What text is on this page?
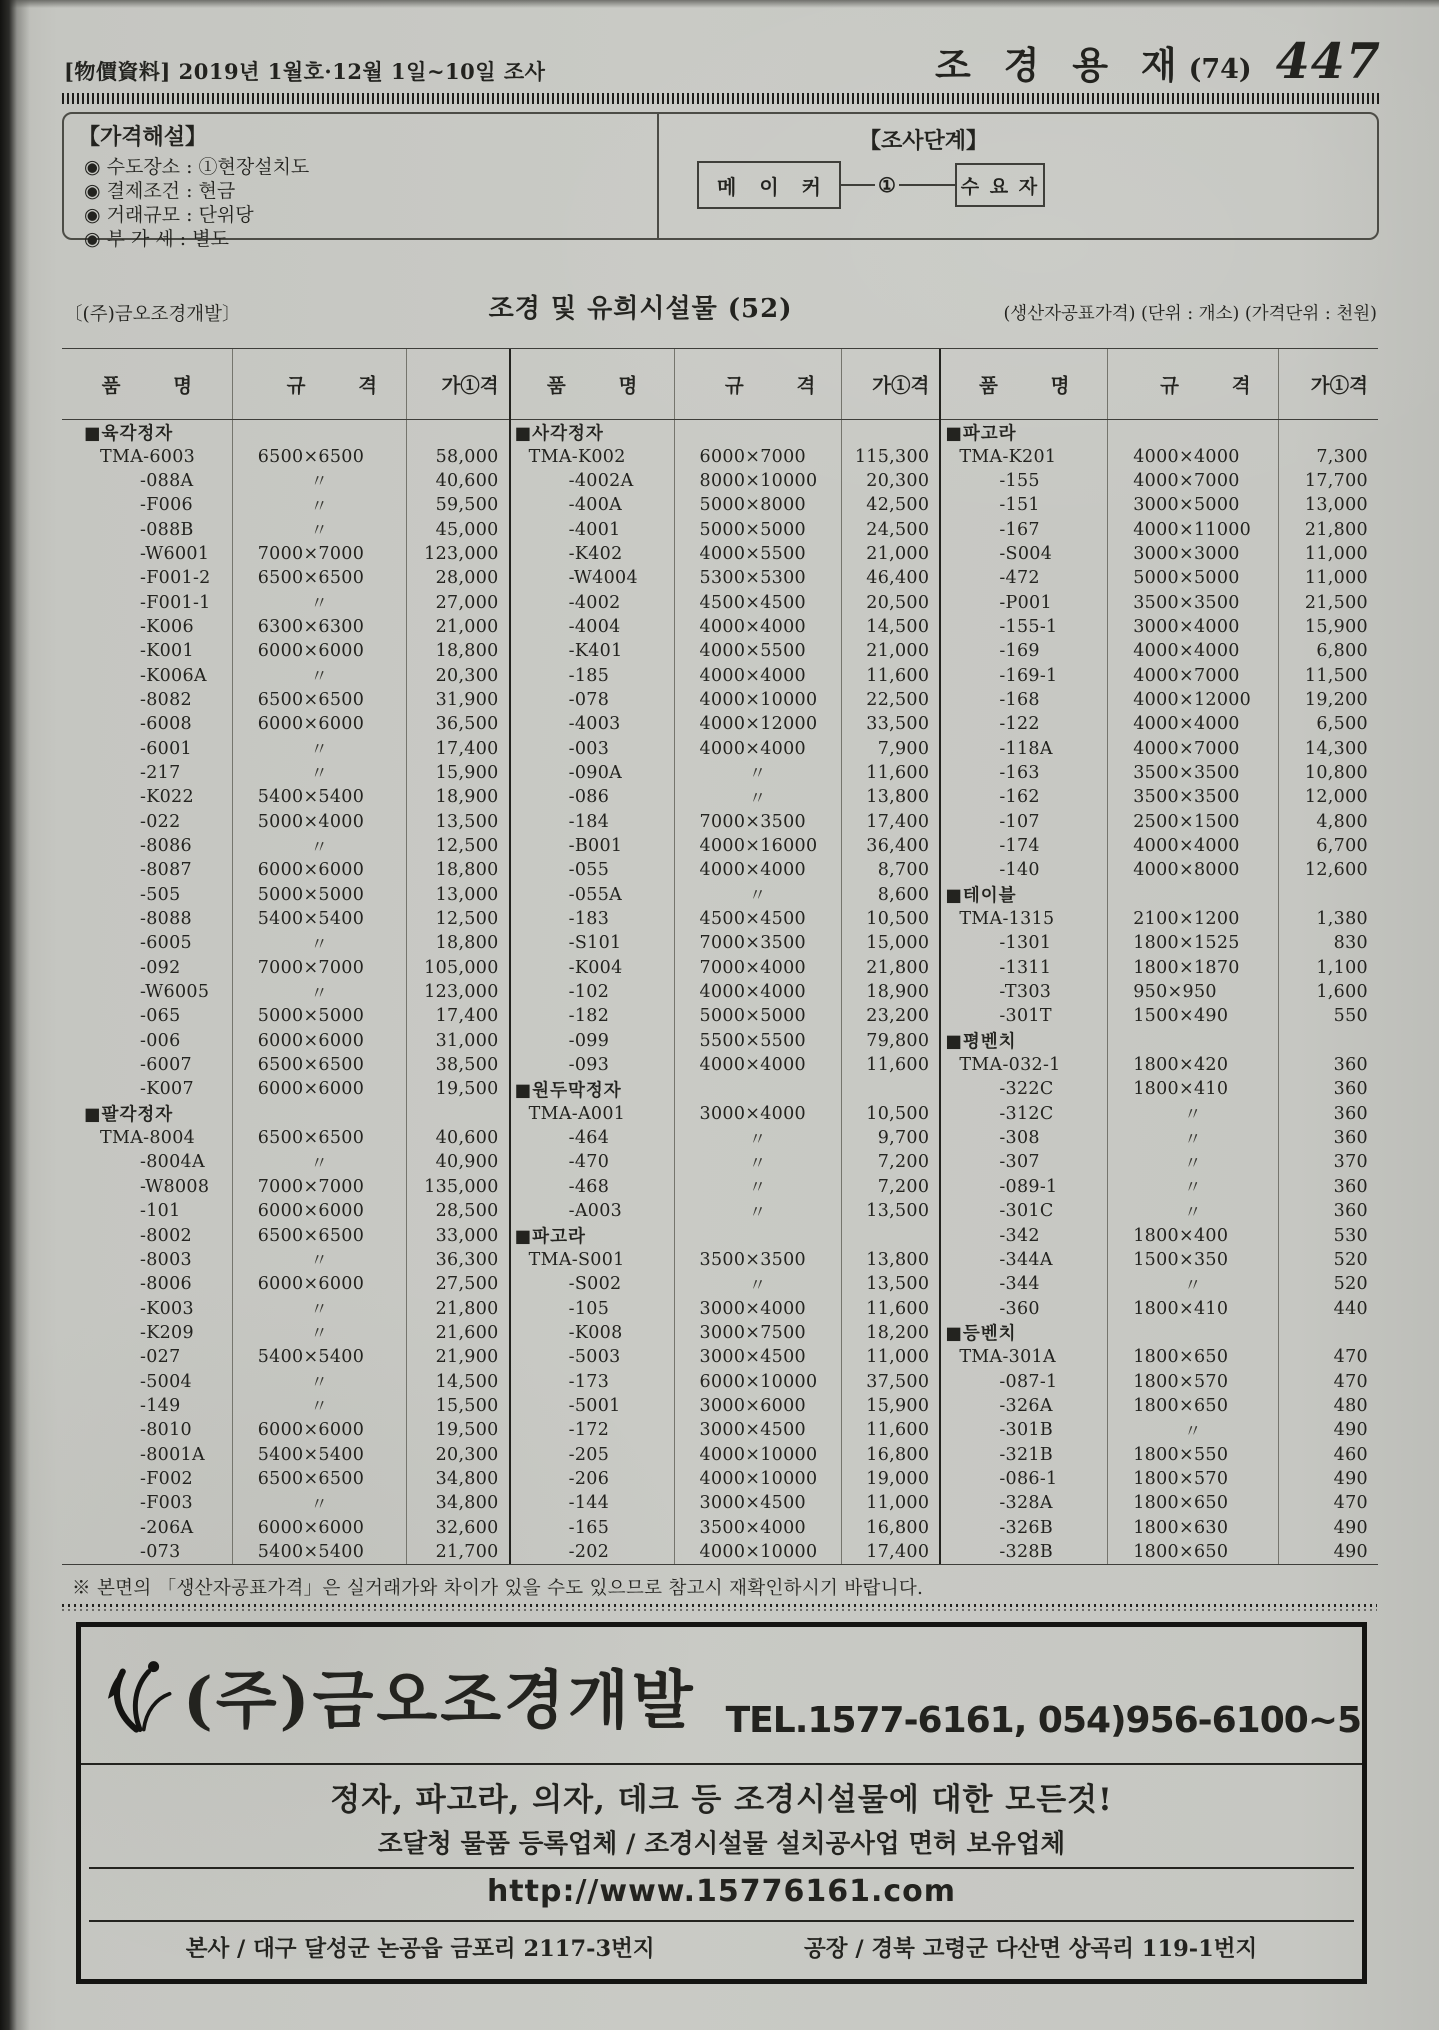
[物價資料] 2019년 1월호·12월 1일~10일 조사	조 경 용 재 (74) 447
【가격해설】
◉ 수도장소 : ①현장설치도
◉ 결제조건 : 현금
◉ 거래규모 : 단위당
◉ 부 가 세 : 별도
【조사단계】
메 이 커	①	수 요 자
〔(주)금오조경개발〕	조경 및 유희시설물 (52)	(생산자공표가격) (단위 : 개소) (가격단위 : 천원)
품 명	규 격	가①격
■육각정자
TMA-6003	6500×6500	58,000
-088A	〃	40,600
-F006	〃	59,500
-088B	〃	45,000
-W6001	7000×7000	123,000
-F001-2	6500×6500	28,000
-F001-1	〃	27,000
-K006	6300×6300	21,000
-K001	6000×6000	18,800
-K006A	〃	20,300
-8082	6500×6500	31,900
-6008	6000×6000	36,500
-6001	〃	17,400
-217	〃	15,900
-K022	5400×5400	18,900
-022	5000×4000	13,500
-8086	〃	12,500
-8087	6000×6000	18,800
-505	5000×5000	13,000
-8088	5400×5400	12,500
-6005	〃	18,800
-092	7000×7000	105,000
-W6005	〃	123,000
-065	5000×5000	17,400
-006	6000×6000	31,000
-6007	6500×6500	38,500
-K007	6000×6000	19,500
■팔각정자
TMA-8004	6500×6500	40,600
-8004A	〃	40,900
-W8008	7000×7000	135,000
-101	6000×6000	28,500
-8002	6500×6500	33,000
-8003	〃	36,300
-8006	6000×6000	27,500
-K003	〃	21,800
-K209	〃	21,600
-027	5400×5400	21,900
-5004	〃	14,500
-149	〃	15,500
-8010	6000×6000	19,500
-8001A	5400×5400	20,300
-F002	6500×6500	34,800
-F003	〃	34,800
-206A	6000×6000	32,600
-073	5400×5400	21,700
품 명	규 격	가①격
■사각정자
TMA-K002	6000×7000	115,300
-4002A	8000×10000	20,300
-400A	5000×8000	42,500
-4001	5000×5000	24,500
-K402	4000×5500	21,000
-W4004	5300×5300	46,400
-4002	4500×4500	20,500
-4004	4000×4000	14,500
-K401	4000×5500	21,000
-185	4000×4000	11,600
-078	4000×10000	22,500
-4003	4000×12000	33,500
-003	4000×4000	7,900
-090A	〃	11,600
-086	〃	13,800
-184	7000×3500	17,400
-B001	4000×16000	36,400
-055	4000×4000	8,700
-055A	〃	8,600
-183	4500×4500	10,500
-S101	7000×3500	15,000
-K004	7000×4000	21,800
-102	4000×4000	18,900
-182	5000×5000	23,200
-099	5500×5500	79,800
-093	4000×4000	11,600
■원두막정자
TMA-A001	3000×4000	10,500
-464	〃	9,700
-470	〃	7,200
-468	〃	7,200
-A003	〃	13,500
■파고라
TMA-S001	3500×3500	13,800
-S002	〃	13,500
-105	3000×4000	11,600
-K008	3000×7500	18,200
-5003	3000×4500	11,000
-173	6000×10000	37,500
-5001	3000×6000	15,900
-172	3000×4500	11,600
-205	4000×10000	16,800
-206	4000×10000	19,000
-144	3000×4500	11,000
-165	3500×4000	16,800
-202	4000×10000	17,400
품 명	규 격	가①격
■파고라
TMA-K201	4000×4000	7,300
-155	4000×7000	17,700
-151	3000×5000	13,000
-167	4000×11000	21,800
-S004	3000×3000	11,000
-472	5000×5000	11,000
-P001	3500×3500	21,500
-155-1	3000×4000	15,900
-169	4000×4000	6,800
-169-1	4000×7000	11,500
-168	4000×12000	19,200
-122	4000×4000	6,500
-118A	4000×7000	14,300
-163	3500×3500	10,800
-162	3500×3500	12,000
-107	2500×1500	4,800
-174	4000×4000	6,700
-140	4000×8000	12,600
■테이블
TMA-1315	2100×1200	1,380
-1301	1800×1525	830
-1311	1800×1870	1,100
-T303	950×950	1,600
-301T	1500×490	550
■평벤치
TMA-032-1	1800×420	360
-322C	1800×410	360
-312C	〃	360
-308	〃	360
-307	〃	370
-089-1	〃	360
-301C	〃	360
-342	1800×400	530
-344A	1500×350	520
-344	〃	520
-360	1800×410	440
■등벤치
TMA-301A	1800×650	470
-087-1	1800×570	470
-326A	1800×650	480
-301B	〃	490
-321B	1800×550	460
-086-1	1800×570	490
-328A	1800×650	470
-326B	1800×630	490
-328B	1800×650	490
※ 본면의 「생산자공표가격」은 실거래가와 차이가 있을 수도 있으므로 참고시 재확인하시기 바랍니다.
(주)금오조경개발 TEL.1577-6161, 054)956-6100~5
정자, 파고라, 의자, 데크 등 조경시설물에 대한 모든것!
조달청 물품 등록업체 / 조경시설물 설치공사업 면허 보유업체
http://www.15776161.com
본사 / 대구 달성군 논공읍 금포리 2117-3번지	공장 / 경북 고령군 다산면 상곡리 119-1번지
